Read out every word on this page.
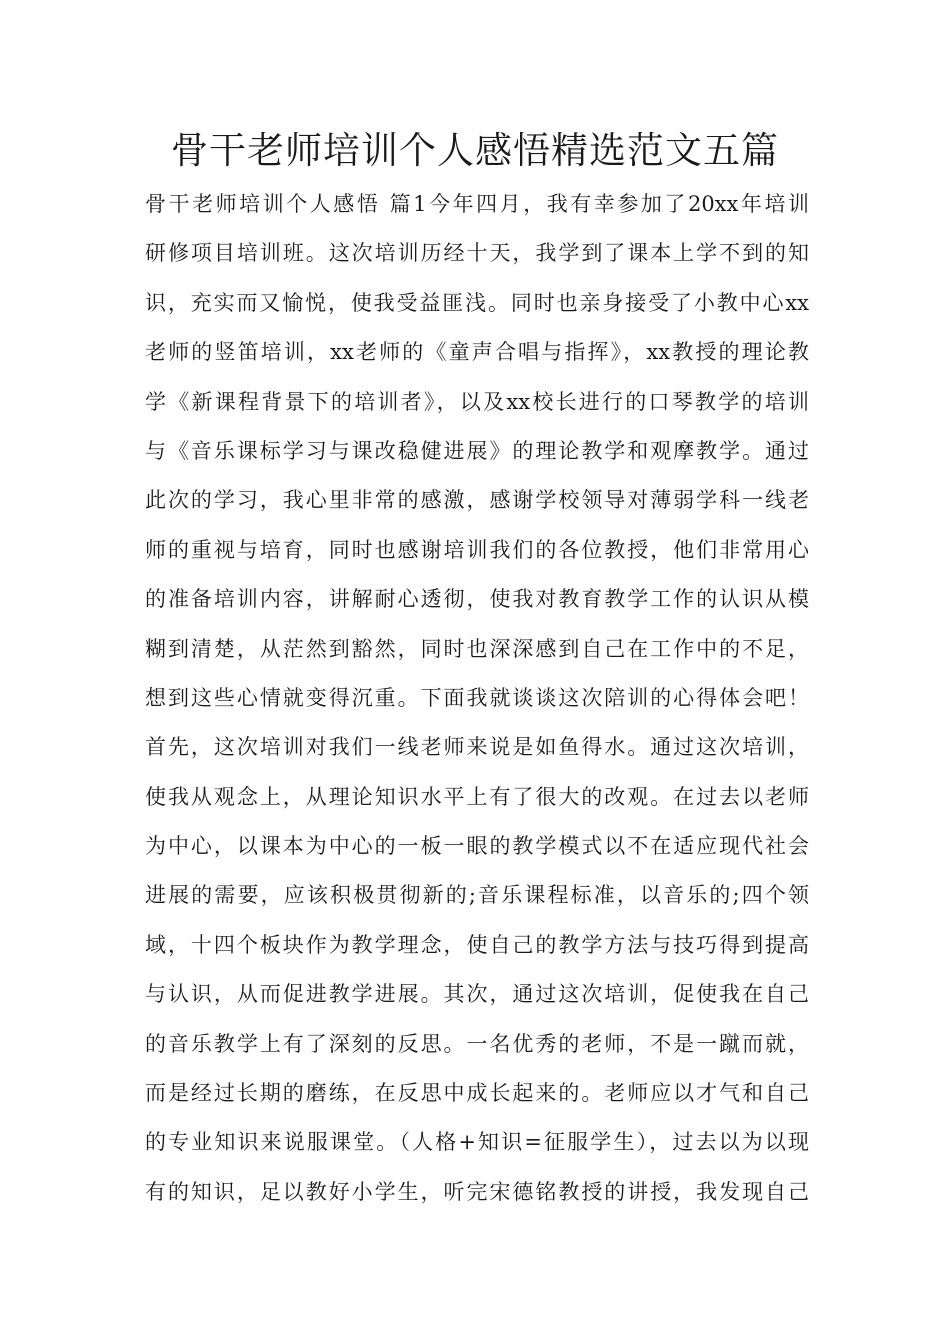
骨干老师培训个人感悟精选范文五篇
骨干老师培训个人感悟 篇1今年四月，我有幸参加了20xx年培训
研修项目培训班。这次培训历经十天，我学到了课本上学不到的知
识，充实而又愉悦，使我受益匪浅。同时也亲身接受了小教中心xx
老师的竖笛培训，xx老师的《童声合唱与指挥》，xx教授的理论教
学《新课程背景下的培训者》，以及xx校长进行的口琴教学的培训
与《音乐课标学习与课改稳健进展》的理论教学和观摩教学。通过
此次的学习，我心里非常的感激，感谢学校领导对薄弱学科一线老
师的重视与培育，同时也感谢培训我们的各位教授，他们非常用心
的准备培训内容，讲解耐心透彻，使我对教育教学工作的认识从模
糊到清楚，从茫然到豁然，同时也深深感到自己在工作中的不足，
想到这些心情就变得沉重。下面我就谈谈这次陪训的心得体会吧！
首先，这次培训对我们一线老师来说是如鱼得水。通过这次培训，
使我从观念上，从理论知识水平上有了很大的改观。在过去以老师
为中心，以课本为中心的一板一眼的教学模式以不在适应现代社会
进展的需要，应该积极贯彻新的;音乐课程标准，以音乐的;四个领
域，十四个板块作为教学理念，使自己的教学方法与技巧得到提高
与认识，从而促进教学进展。其次，通过这次培训，促使我在自己
的音乐教学上有了深刻的反思。一名优秀的老师，不是一蹴而就，
而是经过长期的磨练，在反思中成长起来的。老师应以才气和自己
的专业知识来说服课堂。（人格+知识=征服学生），过去以为以现
有的知识，足以教好小学生，听完宋德铭教授的讲授，我发现自己
